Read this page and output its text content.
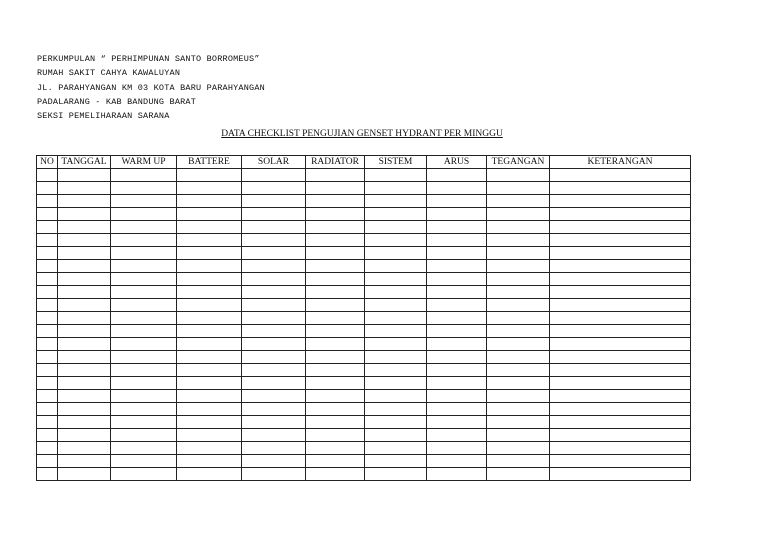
PERKUMPULAN “ PERHIMPUNAN SANTO BORROMEUS”
RUMAH SAKIT CAHYA KAWALUYAN
JL. PARAHYANGAN KM 03 KOTA BARU PARAHYANGAN
PADALARANG - KAB BANDUNG BARAT
SEKSI PEMELIHARAAN SARANA
DATA CHECKLIST PENGUJIAN GENSET HYDRANT PER MINGGU
NO	TANGGAL	WARM UP	BATTERE	SOLAR	RADIATOR	SISTEM	ARUS	TEGANGAN	KETERANGAN
